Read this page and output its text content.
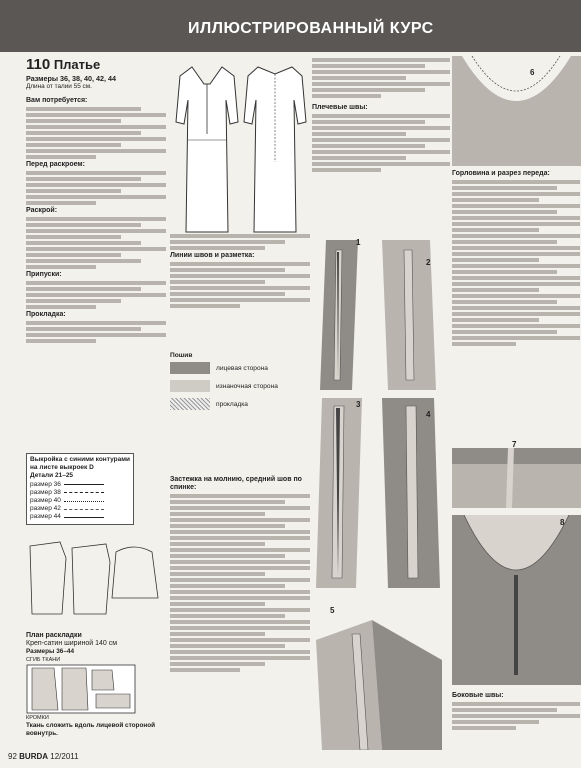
ИЛЛЮСТРИРОВАННЫЙ КУРС
110 Платье
Размеры 36, 38, 40, 42, 44
Длина от талии 55 см.
Вам потребуется:
Перед раскроем:
Раскрой:
Припуски:
Прокладка:
Выкройка с синими контурами на листе выкроек D
Детали 21–25
размер 36
размер 38
размер 40
размер 42
размер 44
План раскладки
Креп-сатин шириной 140 см
Размеры 36–44
СГИБ ТКАНИ
КРОМКИ
Ткань сложить вдоль лицевой стороной вовнутрь.
Линии швов и разметка:
Пошив
лицевая сторона
изнаночная сторона
прокладка
Застежка на молнию, средний шов по спинке:
Плечевые швы:
1
2
3
4
5
6
Горловина и разрез переда:
7
8
Боковые швы:
92 BURDA 12/2011
